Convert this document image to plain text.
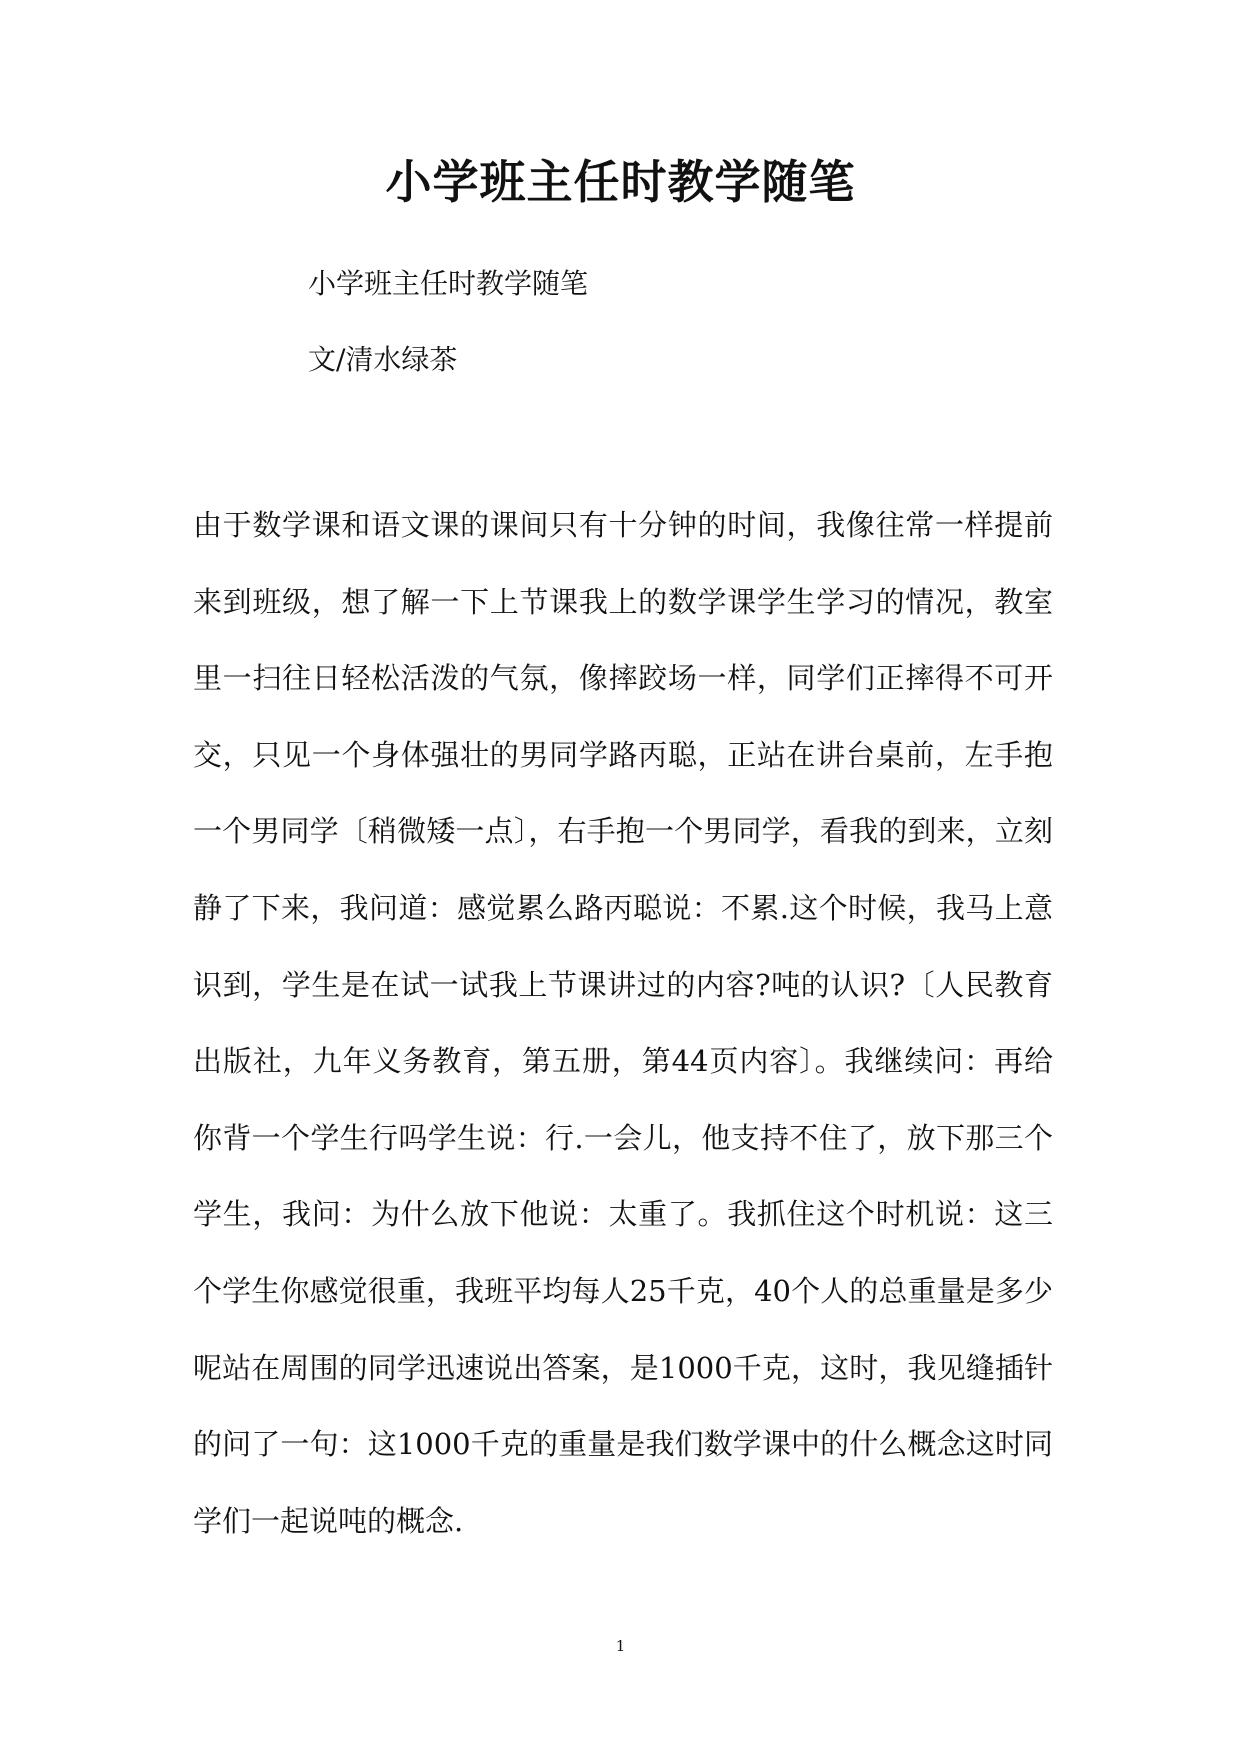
小学班主任时教学随笔
小学班主任时教学随笔
文/清水绿茶

由于数学课和语文课的课间只有十分钟的时间，我像往常一样提前来到班级，想了解一下上节课我上的数学课学生学习的情况，教室里一扫往日轻松活泼的气氛，像摔跤场一样，同学们正摔得不可开交，只见一个身体强壮的男同学路丙聪，正站在讲台桌前，左手抱一个男同学〔稍微矮一点〕，右手抱一个男同学，看我的到来，立刻静了下来，我问道：感觉累么路丙聪说：不累.这个时候，我马上意识到，学生是在试一试我上节课讲过的内容?吨的认识?〔人民教育出版社，九年义务教育，第五册，第44页内容〕。我继续问：再给你背一个学生行吗学生说：行.一会儿，他支持不住了，放下那三个学生，我问：为什么放下他说：太重了。我抓住这个时机说：这三个学生你感觉很重，我班平均每人25千克，40个人的总重量是多少呢站在周围的同学迅速说出答案，是1000千克，这时，我见缝插针的问了一句：这1000千克的重量是我们数学课中的什么概念这时同学们一起说吨的概念.

1
